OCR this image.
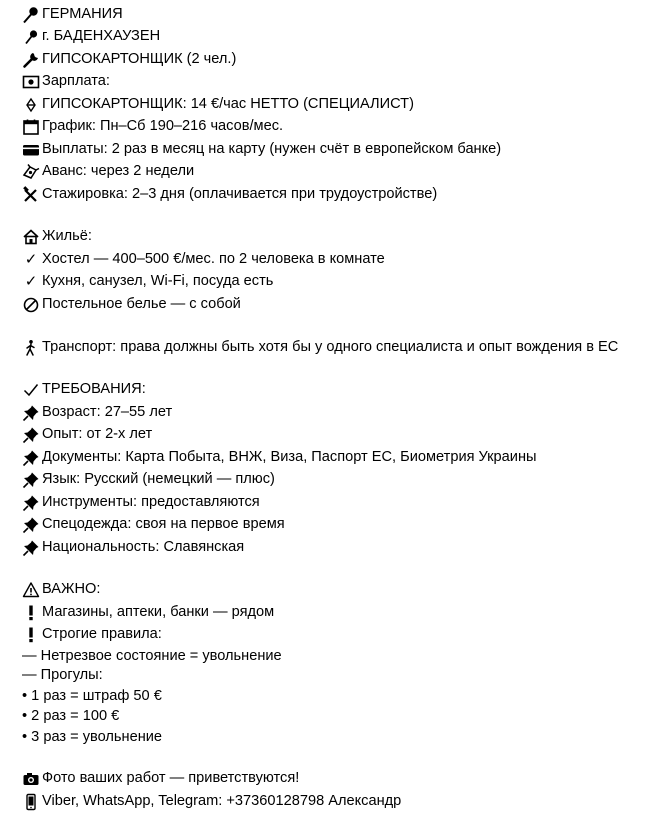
ГЕРМАНИЯ
г. БАДЕНХАУЗЕН
ГИПСОКАРТОНЩИК (2 чел.)
Зарплата:
ГИПСОКАРТОНЩИК: 14 €/час НЕТТО (СПЕЦИАЛИСТ)
График: Пн–Сб 190–216 часов/мес.
Выплаты: 2 раз в месяц на карту (нужен счёт в европейском банке)
Аванс: через 2 недели
Стажировка: 2–3 дня (оплачивается при трудоустройстве)
Жильё:
✓ Хостел — 400–500 €/мес. по 2 человека в комнате
✓ Кухня, санузел, Wi-Fi, посуда есть
Постельное белье — с собой
Транспорт: права должны быть хотя бы у одного специалиста и опыт вождения в ЕС
ТРЕБОВАНИЯ:
Возраст: 27–55 лет
Опыт: от 2-х лет
Документы: Карта Побыта, ВНЖ, Виза, Паспорт ЕС, Биометрия Украины
Язык: Русский (немецкий — плюс)
Инструменты: предоставляются
Спецодежда: своя на первое время
Национальность: Славянская
ВАЖНО:
Магазины, аптеки, банки — рядом
Строгие правила:
— Нетрезвое состояние = увольнение
— Прогулы:
• 1 раз = штраф 50 €
• 2 раз = 100 €
• 3 раз = увольнение
Фото ваших работ — приветствуются!
Viber, WhatsApp, Telegram: +37360128798 Александр
